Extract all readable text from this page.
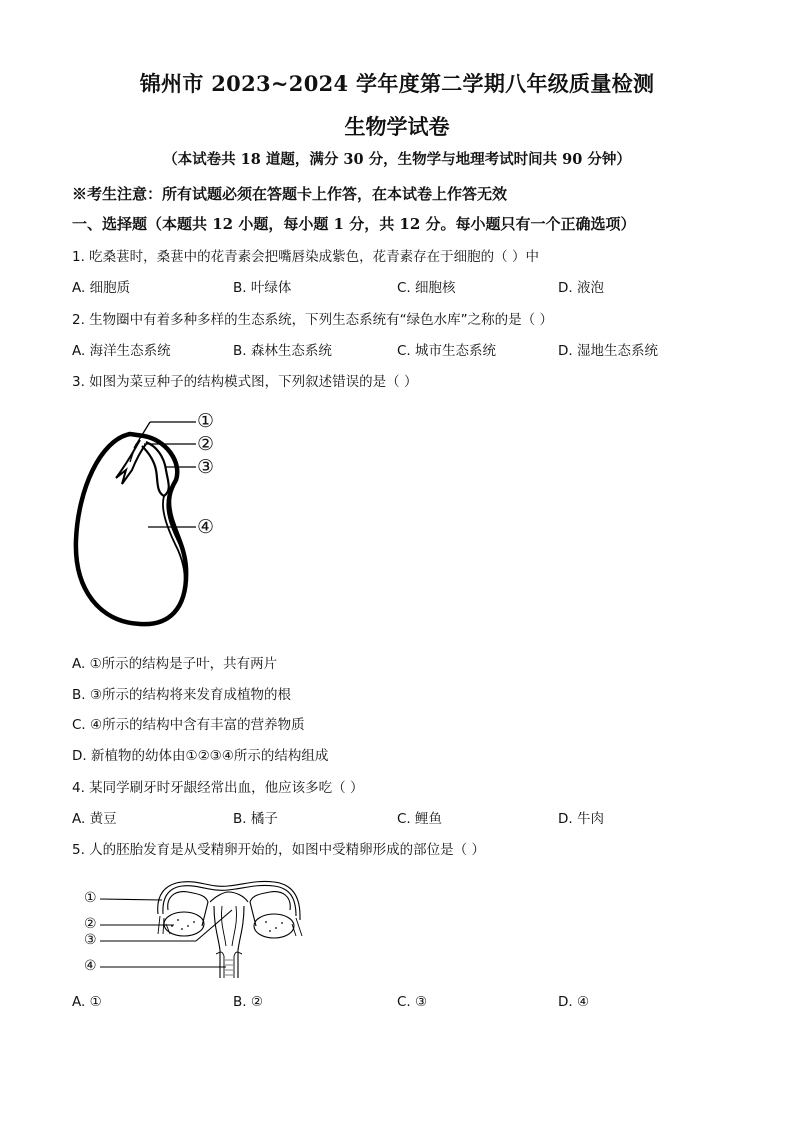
锦州市 2023~2024 学年度第二学期八年级质量检测
生物学试卷
（本试卷共 18 道题，满分 30 分，生物学与地理考试时间共 90 分钟）
※考生注意：所有试题必须在答题卡上作答，在本试卷上作答无效
一、选择题（本题共 12 小题，每小题 1 分，共 12 分。每小题只有一个正确选项）
1. 吃桑葚时，桑葚中的花青素会把嘴唇染成紫色，花青素存在于细胞的（ ）中
A. 细胞质	B. 叶绿体	C. 细胞核	D. 液泡
2. 生物圈中有着多种多样的生态系统，下列生态系统有“绿色水库”之称的是（ ）
A. 海洋生态系统	B. 森林生态系统	C. 城市生态系统	D. 湿地生态系统
3. 如图为菜豆种子的结构模式图，下列叙述错误的是（ ）
①
②
③
④
A. ①所示的结构是子叶，共有两片
B. ③所示的结构将来发育成植物的根
C. ④所示的结构中含有丰富的营养物质
D. 新植物的幼体由①②③④所示的结构组成
4. 某同学刷牙时牙龈经常出血，他应该多吃（ ）
A. 黄豆	B. 橘子	C. 鲤鱼	D. 牛肉
5. 人的胚胎发育是从受精卵开始的，如图中受精卵形成的部位是（ ）
①
②
③
④
A. ①	B. ②	C. ③	D. ④
